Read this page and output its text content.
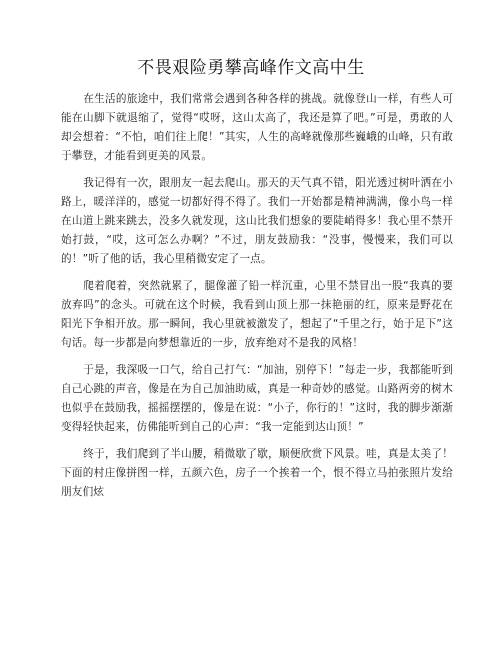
不畏艰险勇攀高峰作文高中生

在生活的旅途中，我们常常会遇到各种各样的挑战。就像登山一样，有些人可能在山脚下就退缩了，觉得“哎呀，这山太高了，我还是算了吧。”可是，勇敢的人却会想着：“不怕，咱们往上爬！”其实，人生的高峰就像那些巍峨的山峰，只有敢于攀登，才能看到更美的风景。

我记得有一次，跟朋友一起去爬山。那天的天气真不错，阳光透过树叶洒在小路上，暖洋洋的，感觉一切都好得不得了。我们一开始都是精神满满，像小鸟一样在山道上跳来跳去，没多久就发现，这山比我们想象的要陡峭得多！我心里不禁开始打鼓，“哎，这可怎么办啊？”不过，朋友鼓励我：“没事，慢慢来，我们可以的！”听了他的话，我心里稍微安定了一点。

爬着爬着，突然就累了，腿像灌了铅一样沉重，心里不禁冒出一股“我真的要放弃吗”的念头。可就在这个时候，我看到山顶上那一抹艳丽的红，原来是野花在阳光下争相开放。那一瞬间，我心里就被激发了，想起了“千里之行，始于足下”这句话。每一步都是向梦想靠近的一步，放弃绝对不是我的风格！

于是，我深吸一口气，给自己打气：“加油，别停下！”每走一步，我都能听到自己心跳的声音，像是在为自己加油助威，真是一种奇妙的感觉。山路两旁的树木也似乎在鼓励我，摇摇摆摆的，像是在说：“小子，你行的！”这时，我的脚步渐渐变得轻快起来，仿佛能听到自己的心声：“我一定能到达山顶！”

终于，我们爬到了半山腰，稍微歇了歇，顺便欣赏下风景。哇，真是太美了！下面的村庄像拼图一样，五颜六色，房子一个挨着一个，恨不得立马拍张照片发给朋友们炫
